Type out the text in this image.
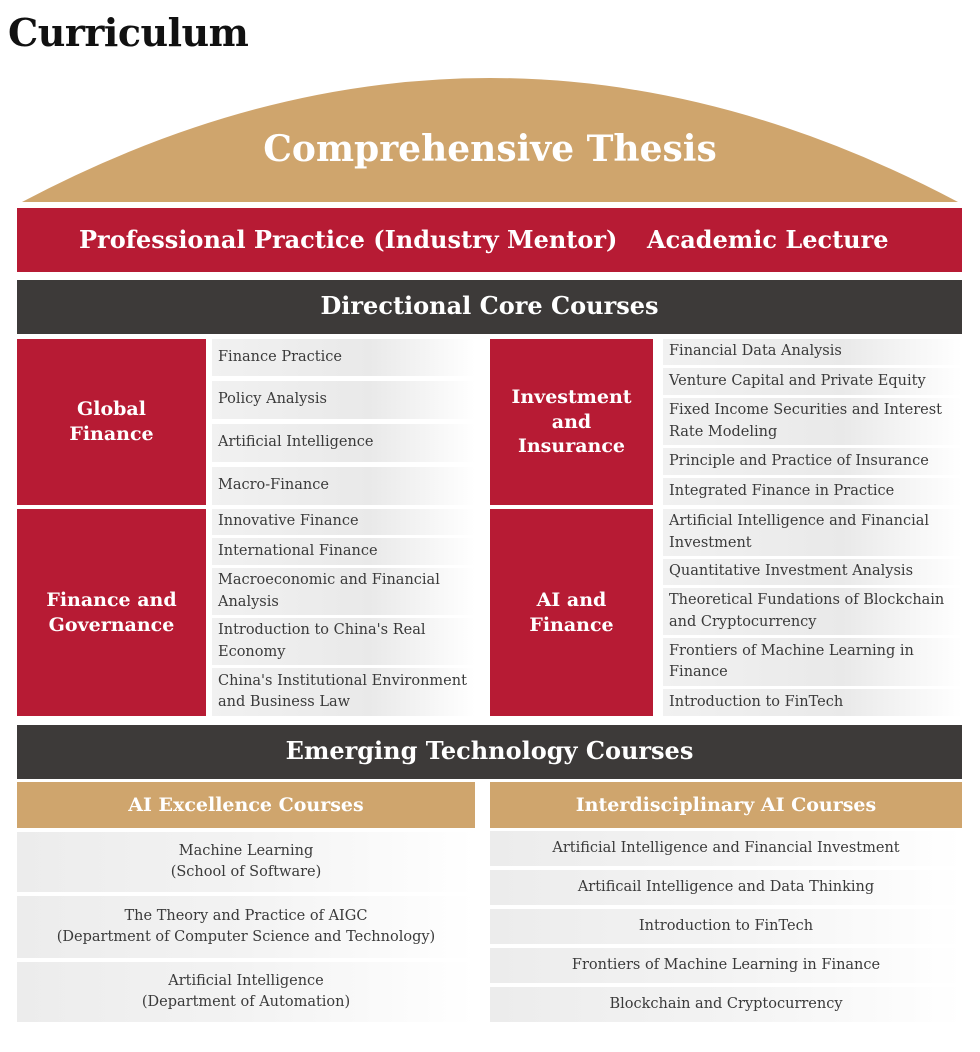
Curriculum
Comprehensive Thesis
Professional Practice (Industry Mentor) Academic Lecture
Directional Core Courses
Global
Finance
Finance Practice
Policy Analysis
Artificial Intelligence
Macro-Finance
Investment
and
Insurance
Financial Data Analysis
Venture Capital and Private Equity
Fixed Income Securities and Interest Rate Modeling
Principle and Practice of Insurance
Integrated Finance in Practice
Finance and
Governance
Innovative Finance
International Finance
Macroeconomic and Financial Analysis
Introduction to China's Real Economy
China's Institutional Environment and Business Law
AI and
Finance
Artificial Intelligence and Financial Investment
Quantitative Investment Analysis
Theoretical Fundations of Blockchain and Cryptocurrency
Frontiers of Machine Learning in Finance
Introduction to FinTech
Emerging Technology Courses
AI Excellence Courses
Machine Learning
(School of Software)
The Theory and Practice of AIGC
(Department of Computer Science and Technology)
Artificial Intelligence
(Department of Automation)
Interdisciplinary AI Courses
Artificial Intelligence and Financial Investment
Artificail Intelligence and Data Thinking
Introduction to FinTech
Frontiers of Machine Learning in Finance
Blockchain and Cryptocurrency
